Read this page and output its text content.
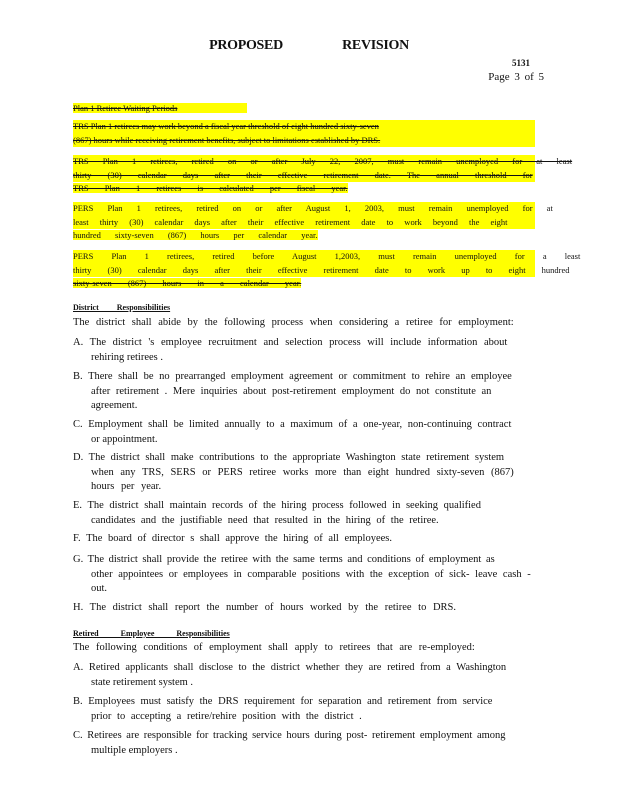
PROPOSED REVISION
5131
Page 3 of 5
Plan 1 Retiree Waiting Periods
TRS Plan 1 retirees may work beyond a fiscal year threshold of eight hundred sixty-seven
(867) hours while receiving retirement benefits, subject to limitations established by DRS.
TRS Plan 1 retirees, retired on or after July 22, 2007, must remain unemployed for at least
thirty (30) calendar days after their effective retirement date. The annual threshold for
TRS Plan 1 retirees is calculated per fiscal year.
PERS Plan 1 retirees, retired on or after August 1, 2003, must remain unemployed for at
least thirty (30) calendar days after their effective retirement date to work beyond the eight
hundred sixty-seven (867) hours per calendar year.
PERS Plan 1 retirees, retired before August 1,2003, must remain unemployed for a least
thirty (30) calendar days after their effective retirement date to work up to eight hundred
sixty-seven (867) hours in a calendar year.
District Responsibilities
The district shall abide by the following process when considering a retiree for employment:
A. The district 's employee recruitment and selection process will include information about
rehiring retirees .
B. There shall be no prearranged employment agreement or commitment to rehire an employee
after retirement . Mere inquiries about post-retirement employment do not constitute an agreement.
C. Employment shall be limited annually to a maximum of a one-year, non-continuing contract
or appointment.
D. The district shall make contributions to the appropriate Washington state retirement system
when any TRS, SERS or PERS retiree works more than eight hundred sixty-seven (867) hours per year.
E. The district shall maintain records of the hiring process followed in seeking qualified
candidates and the justifiable need that resulted in the hiring of the retiree.
F. The board of director s shall approve the hiring of all employees.
G. The district shall provide the retiree with the same terms and conditions of employment as
other appointees or employees in comparable positions with the exception of sick- leave cash - out.
H. The district shall report the number of hours worked by the retiree to DRS.
Retired Employee Responsibilities
The following conditions of employment shall apply to retirees that are re-employed:
A. Retired applicants shall disclose to the district whether they are retired from a Washington
state retirement system .
B. Employees must satisfy the DRS requirement for separation and retirement from service
prior to accepting a retire/rehire position with the district .
C. Retirees are responsible for tracking service hours during post- retirement employment among
multiple employers .
